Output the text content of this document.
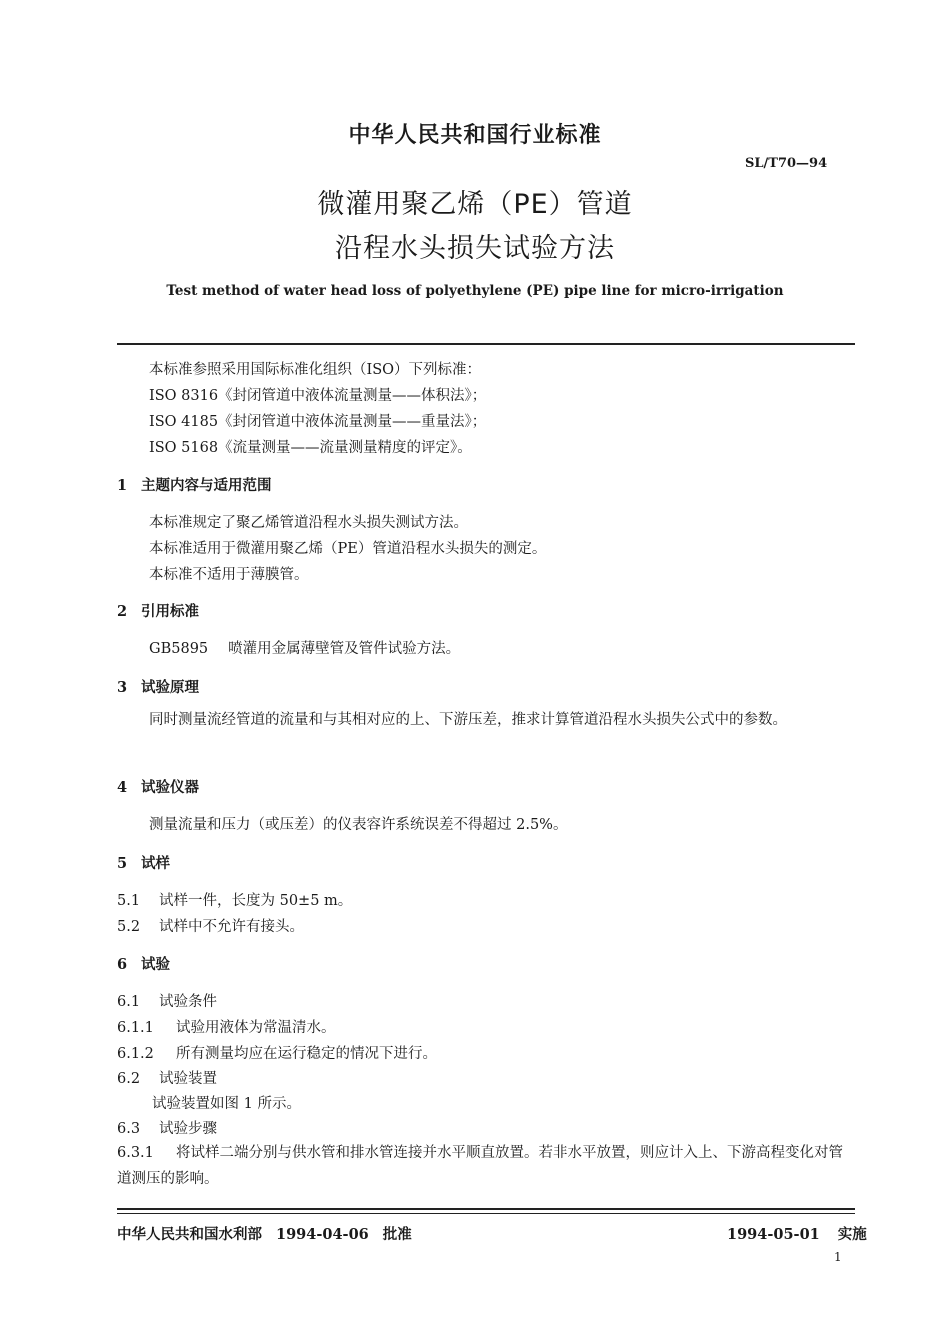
中华人民共和国行业标准
SL/T70—94
微灌用聚乙烯（PE）管道
沿程水头损失试验方法
Test method of water head loss of polyethylene (PE) pipe line for micro-irrigation
本标准参照采用国际标准化组织（ISO）下列标准：
ISO 8316《封闭管道中液体流量测量——体积法》；
ISO 4185《封闭管道中液体流量测量——重量法》；
ISO 5168《流量测量——流量测量精度的评定》。
1 主题内容与适用范围
本标准规定了聚乙烯管道沿程水头损失测试方法。
本标准适用于微灌用聚乙烯（PE）管道沿程水头损失的测定。
本标准不适用于薄膜管。
2 引用标准
GB5895 喷灌用金属薄壁管及管件试验方法。
3 试验原理
同时测量流经管道的流量和与其相对应的上、下游压差，推求计算管道沿程水头损失公式中的参数。
4 试验仪器
测量流量和压力（或压差）的仪表容许系统误差不得超过 2.5%。
5 试样
5.1 试样一件，长度为 50±5 m。
5.2 试样中不允许有接头。
6 试验
6.1 试验条件
6.1.1 试验用液体为常温清水。
6.1.2 所有测量均应在运行稳定的情况下进行。
6.2 试验装置
试验装置如图 1 所示。
6.3 试验步骤
6.3.1 将试样二端分别与供水管和排水管连接并水平顺直放置。若非水平放置，则应计入上、下游高程变化对管道测压的影响。
中华人民共和国水利部 1994-04-06 批准	1994-05-01 实施
1
